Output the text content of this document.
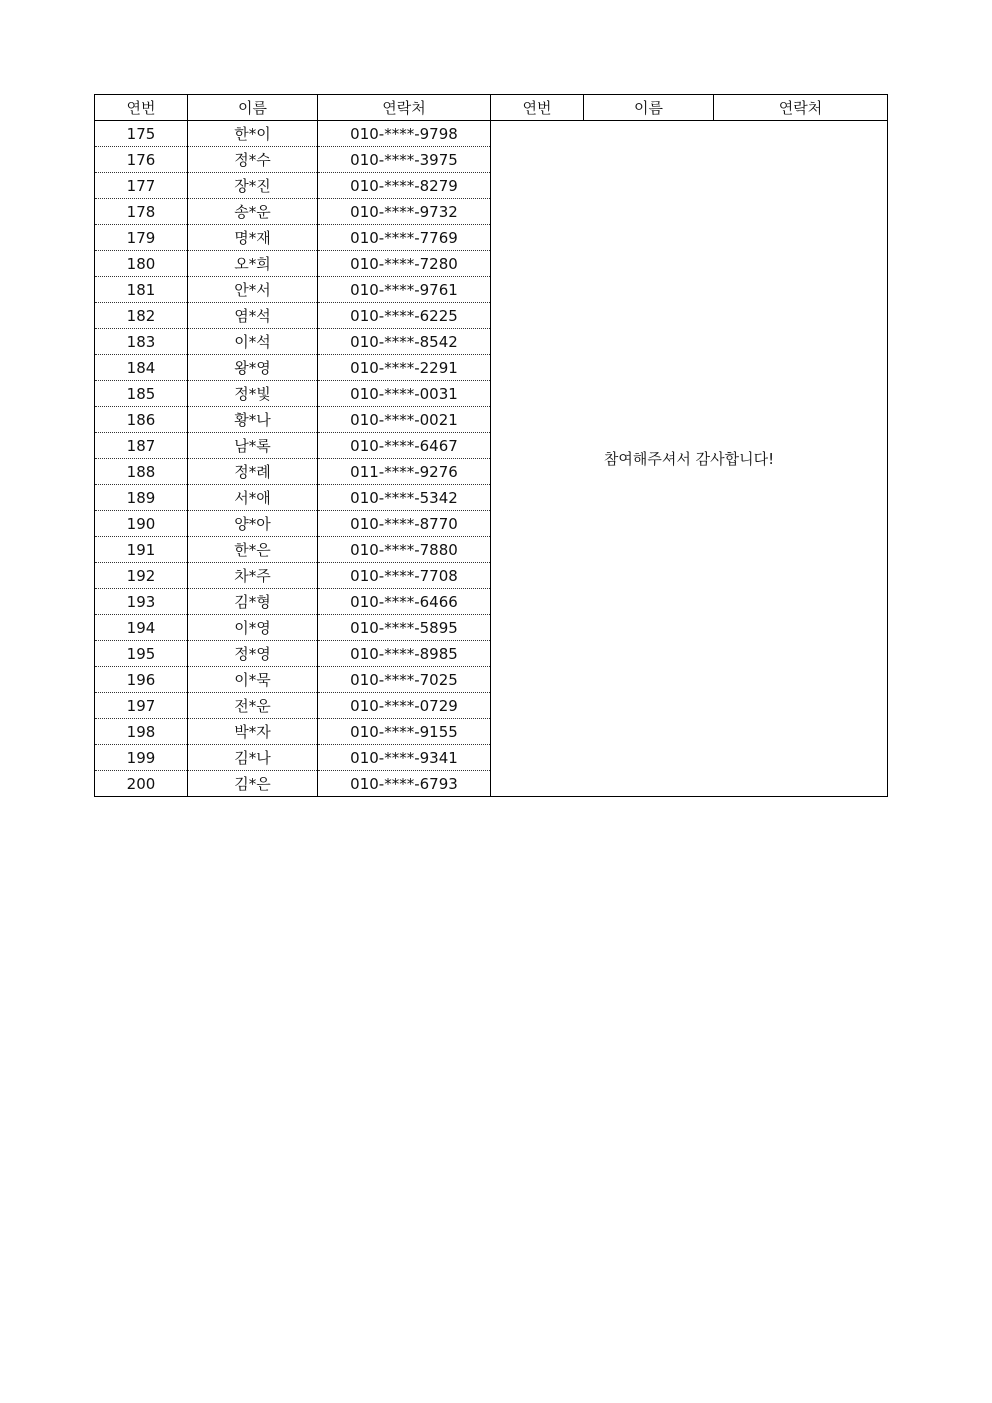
연번	이름	연락처	연번	이름	연락처
175	한*이	010-****-9798	참여해주셔서 감사합니다!		
176	정*수	010-****-3975			
177	장*진	010-****-8279			
178	송*운	010-****-9732			
179	명*재	010-****-7769			
180	오*희	010-****-7280			
181	안*서	010-****-9761			
182	염*석	010-****-6225			
183	이*석	010-****-8542			
184	왕*영	010-****-2291			
185	정*빛	010-****-0031			
186	황*나	010-****-0021			
187	남*록	010-****-6467			
188	정*례	011-****-9276			
189	서*애	010-****-5342			
190	양*아	010-****-8770			
191	한*은	010-****-7880			
192	차*주	010-****-7708			
193	김*형	010-****-6466			
194	이*영	010-****-5895			
195	정*영	010-****-8985			
196	이*묵	010-****-7025			
197	전*운	010-****-0729			
198	박*자	010-****-9155			
199	김*나	010-****-9341			
200	김*은	010-****-6793			
